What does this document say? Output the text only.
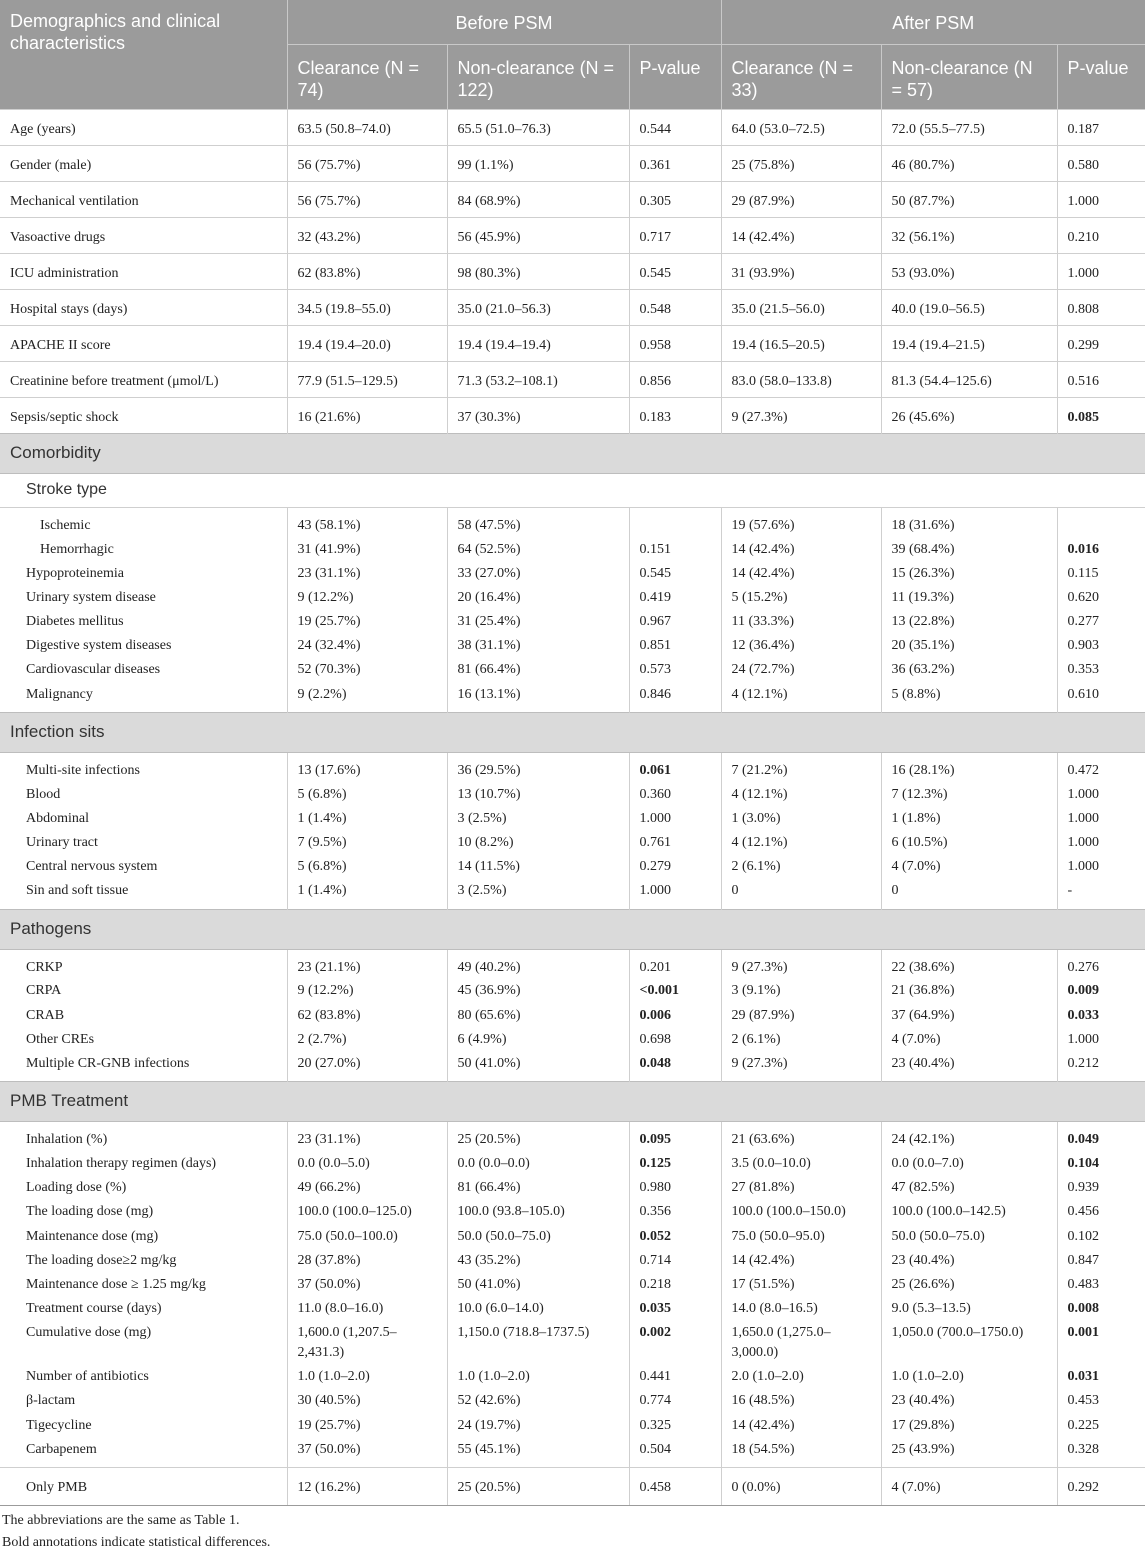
Demographics and clinical characteristics	Before PSM			After PSM		
	Clearance (N = 74)	Non-clearance (N = 122)	P-value	Clearance (N = 33)	Non-clearance (N = 57)	P-value
Age (years)	63.5 (50.8–74.0)	65.5 (51.0–76.3)	0.544	64.0 (53.0–72.5)	72.0 (55.5–77.5)	0.187
Gender (male)	56 (75.7%)	99 (1.1%)	0.361	25 (75.8%)	46 (80.7%)	0.580
Mechanical ventilation	56 (75.7%)	84 (68.9%)	0.305	29 (87.9%)	50 (87.7%)	1.000
Vasoactive drugs	32 (43.2%)	56 (45.9%)	0.717	14 (42.4%)	32 (56.1%)	0.210
ICU administration	62 (83.8%)	98 (80.3%)	0.545	31 (93.9%)	53 (93.0%)	1.000
Hospital stays (days)	34.5 (19.8–55.0)	35.0 (21.0–56.3)	0.548	35.0 (21.5–56.0)	40.0 (19.0–56.5)	0.808
APACHE II score	19.4 (19.4–20.0)	19.4 (19.4–19.4)	0.958	19.4 (16.5–20.5)	19.4 (19.4–21.5)	0.299
Creatinine before treatment (μmol/L)	77.9 (51.5–129.5)	71.3 (53.2–108.1)	0.856	83.0 (58.0–133.8)	81.3 (54.4–125.6)	0.516
Sepsis/septic shock	16 (21.6%)	37 (30.3%)	0.183	9 (27.3%)	26 (45.6%)	0.085
Comorbidity						
Stroke type						
Ischemic	43 (58.1%)	58 (47.5%)		19 (57.6%)	18 (31.6%)	
Hemorrhagic	31 (41.9%)	64 (52.5%)	0.151	14 (42.4%)	39 (68.4%)	0.016
Hypoproteinemia	23 (31.1%)	33 (27.0%)	0.545	14 (42.4%)	15 (26.3%)	0.115
Urinary system disease	9 (12.2%)	20 (16.4%)	0.419	5 (15.2%)	11 (19.3%)	0.620
Diabetes mellitus	19 (25.7%)	31 (25.4%)	0.967	11 (33.3%)	13 (22.8%)	0.277
Digestive system diseases	24 (32.4%)	38 (31.1%)	0.851	12 (36.4%)	20 (35.1%)	0.903
Cardiovascular diseases	52 (70.3%)	81 (66.4%)	0.573	24 (72.7%)	36 (63.2%)	0.353
Malignancy	9 (2.2%)	16 (13.1%)	0.846	4 (12.1%)	5 (8.8%)	0.610
Infection sits						
Multi-site infections	13 (17.6%)	36 (29.5%)	0.061	7 (21.2%)	16 (28.1%)	0.472
Blood	5 (6.8%)	13 (10.7%)	0.360	4 (12.1%)	7 (12.3%)	1.000
Abdominal	1 (1.4%)	3 (2.5%)	1.000	1 (3.0%)	1 (1.8%)	1.000
Urinary tract	7 (9.5%)	10 (8.2%)	0.761	4 (12.1%)	6 (10.5%)	1.000
Central nervous system	5 (6.8%)	14 (11.5%)	0.279	2 (6.1%)	4 (7.0%)	1.000
Sin and soft tissue	1 (1.4%)	3 (2.5%)	1.000	0	0	-
Pathogens						
CRKP	23 (21.1%)	49 (40.2%)	0.201	9 (27.3%)	22 (38.6%)	0.276
CRPA	9 (12.2%)	45 (36.9%)	<0.001	3 (9.1%)	21 (36.8%)	0.009
CRAB	62 (83.8%)	80 (65.6%)	0.006	29 (87.9%)	37 (64.9%)	0.033
Other CREs	2 (2.7%)	6 (4.9%)	0.698	2 (6.1%)	4 (7.0%)	1.000
Multiple CR-GNB infections	20 (27.0%)	50 (41.0%)	0.048	9 (27.3%)	23 (40.4%)	0.212
PMB Treatment						
Inhalation (%)	23 (31.1%)	25 (20.5%)	0.095	21 (63.6%)	24 (42.1%)	0.049
Inhalation therapy regimen (days)	0.0 (0.0–5.0)	0.0 (0.0–0.0)	0.125	3.5 (0.0–10.0)	0.0 (0.0–7.0)	0.104
Loading dose (%)	49 (66.2%)	81 (66.4%)	0.980	27 (81.8%)	47 (82.5%)	0.939
The loading dose (mg)	100.0 (100.0–125.0)	100.0 (93.8–105.0)	0.356	100.0 (100.0–150.0)	100.0 (100.0–142.5)	0.456
Maintenance dose (mg)	75.0 (50.0–100.0)	50.0 (50.0–75.0)	0.052	75.0 (50.0–95.0)	50.0 (50.0–75.0)	0.102
The loading dose≥2 mg/kg	28 (37.8%)	43 (35.2%)	0.714	14 (42.4%)	23 (40.4%)	0.847
Maintenance dose ≥ 1.25 mg/kg	37 (50.0%)	50 (41.0%)	0.218	17 (51.5%)	25 (26.6%)	0.483
Treatment course (days)	11.0 (8.0–16.0)	10.0 (6.0–14.0)	0.035	14.0 (8.0–16.5)	9.0 (5.3–13.5)	0.008
Cumulative dose (mg)	1,600.0 (1,207.5–2,431.3)	1,150.0 (718.8–1737.5)	0.002	1,650.0 (1,275.0–3,000.0)	1,050.0 (700.0–1750.0)	0.001
Number of antibiotics	1.0 (1.0–2.0)	1.0 (1.0–2.0)	0.441	2.0 (1.0–2.0)	1.0 (1.0–2.0)	0.031
β-lactam	30 (40.5%)	52 (42.6%)	0.774	16 (48.5%)	23 (40.4%)	0.453
Tigecycline	19 (25.7%)	24 (19.7%)	0.325	14 (42.4%)	17 (29.8%)	0.225
Carbapenem	37 (50.0%)	55 (45.1%)	0.504	18 (54.5%)	25 (43.9%)	0.328
Only PMB	12 (16.2%)	25 (20.5%)	0.458	0 (0.0%)	4 (7.0%)	0.292
The abbreviations are the same as Table 1.
Bold annotations indicate statistical differences.
